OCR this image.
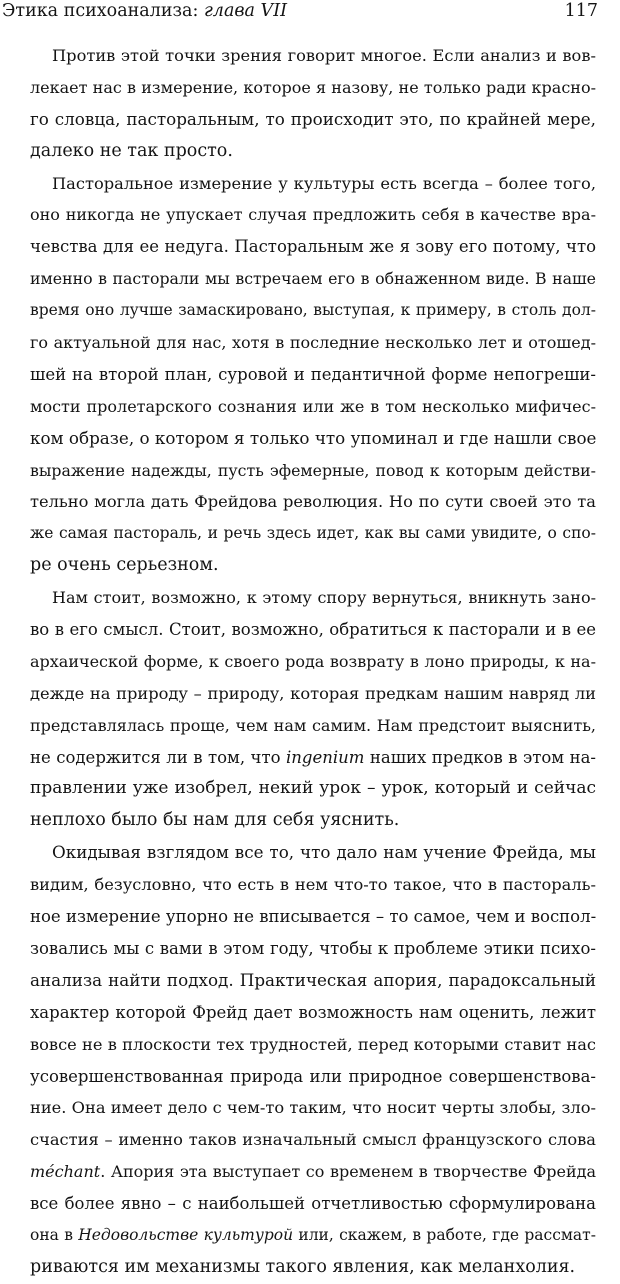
Этика психоанализа: глава VII	117
Против этой точки зрения говорит многое. Если анализ и вов-
лекает нас в измерение, которое я назову, не только ради красно-
го словца, пасторальным, то происходит это, по крайней мере,
далеко не так просто.
Пасторальное измерение у культуры есть всегда – более того,
оно никогда не упускает случая предложить себя в качестве вра-
чевства для ее недуга. Пасторальным же я зову его потому, что
именно в пасторали мы встречаем его в обнаженном виде. В наше
время оно лучше замаскировано, выступая, к примеру, в столь дол-
го актуальной для нас, хотя в последние несколько лет и отошед-
шей на второй план, суровой и педантичной форме непогреши-
мости пролетарского сознания или же в том несколько мифичес-
ком образе, о котором я только что упоминал и где нашли свое
выражение надежды, пусть эфемерные, повод к которым действи-
тельно могла дать Фрейдова революция. Но по сути своей это та
же самая пастораль, и речь здесь идет, как вы сами увидите, о спо-
ре очень серьезном.
Нам стоит, возможно, к этому спору вернуться, вникнуть зано-
во в его смысл. Стоит, возможно, обратиться к пасторали и в ее
архаической форме, к своего рода возврату в лоно природы, к на-
дежде на природу – природу, которая предкам нашим навряд ли
представлялась проще, чем нам самим. Нам предстоит выяснить,
не содержится ли в том, что ingenium наших предков в этом на-
правлении уже изобрел, некий урок – урок, который и сейчас
неплохо было бы нам для себя уяснить.
Окидывая взглядом все то, что дало нам учение Фрейда, мы
видим, безусловно, что есть в нем что-то такое, что в пастораль-
ное измерение упорно не вписывается – то самое, чем и воспол-
зовались мы с вами в этом году, чтобы к проблеме этики психо-
анализа найти подход. Практическая апория, парадоксальный
характер которой Фрейд дает возможность нам оценить, лежит
вовсе не в плоскости тех трудностей, перед которыми ставит нас
усовершенствованная природа или природное совершенствова-
ние. Она имеет дело с чем-то таким, что носит черты злобы, зло-
счастия – именно таков изначальный смысл французского слова
méchant. Апория эта выступает со временем в творчестве Фрейда
все более явно – с наибольшей отчетливостью сформулирована
она в Недовольстве культурой или, скажем, в работе, где рассмат-
риваются им механизмы такого явления, как меланхолия.
